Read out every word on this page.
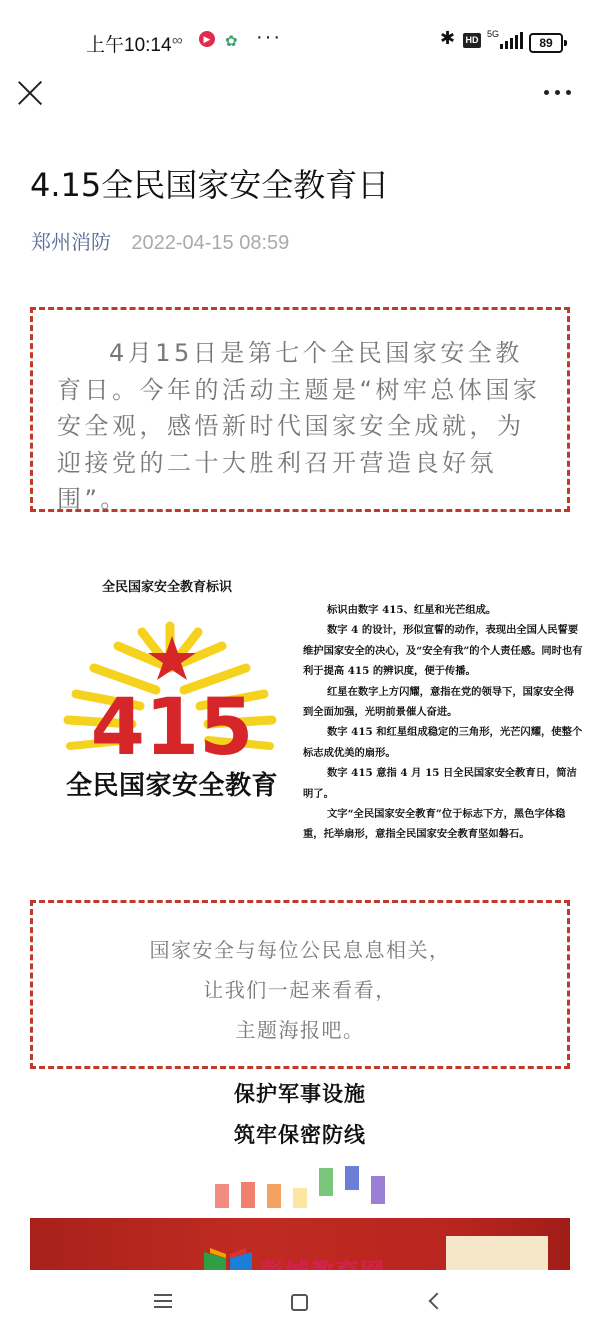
上午10:14 ∞	▶ ✿ ···	✱ HD
5G
89
4.15全民国家安全教育日
郑州消防 2022-04-15 08:59

4月15日是第七个全民国家安全教育日。今年的活动主题是“树牢总体国家安全观，感悟新时代国家安全成就，为迎接党的二十大胜利召开营造良好氛围”。

全民国家安全教育标识
415
全民国家安全教育

标识由数字 415、红星和光芒组成。

数字 4 的设计，形似宣誓的动作，表现出全国人民誓要维护国家安全的决心，及“安全有我”的个人责任感。同时也有利于提高 415 的辨识度，便于传播。

红星在数字上方闪耀，意指在党的领导下，国家安全得到全面加强，光明前景催人奋进。

数字 415 和红星组成稳定的三角形，光芒闪耀，使整个标志成优美的扇形。

数字 415 意指 4 月 15 日全民国家安全教育日，简洁明了。

文字“全民国家安全教育”位于标志下方，黑色字体稳重，托举扇形，意指全民国家安全教育坚如磐石。

国家安全与每位公民息息相关，
让我们一起来看看，
主题海报吧。
保护军事设施
筑牢保密防线
